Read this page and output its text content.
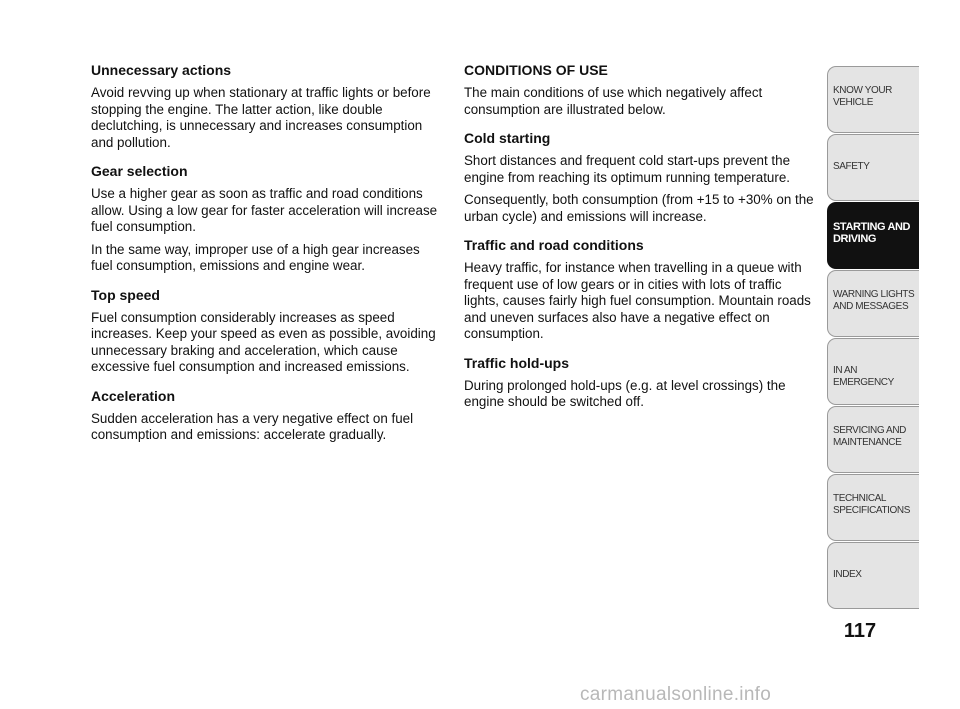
Unnecessary actions

Avoid revving up when stationary at traffic lights or before stopping the engine. The latter action, like double declutching, is unnecessary and increases consumption and pollution.

Gear selection

Use a higher gear as soon as traffic and road conditions allow. Using a low gear for faster acceleration will increase fuel consumption.

In the same way, improper use of a high gear increases fuel consumption, emissions and engine wear.

Top speed

Fuel consumption considerably increases as speed increases. Keep your speed as even as possible, avoiding unnecessary braking and acceleration, which cause excessive fuel consumption and increased emissions.

Acceleration

Sudden acceleration has a very negative effect on fuel consumption and emissions: accelerate gradually.

CONDITIONS OF USE

The main conditions of use which negatively affect consumption are illustrated below.

Cold starting

Short distances and frequent cold start-ups prevent the engine from reaching its optimum running temperature.

Consequently, both consumption (from +15 to +30% on the urban cycle) and emissions will increase.

Traffic and road conditions

Heavy traffic, for instance when travelling in a queue with frequent use of low gears or in cities with lots of traffic lights, causes fairly high fuel consumption. Mountain roads and uneven surfaces also have a negative effect on consumption.

Traffic hold-ups

During prolonged hold-ups (e.g. at level crossings) the engine should be switched off.

KNOW YOUR
VEHICLE
SAFETY
STARTING AND
DRIVING
WARNING LIGHTS
AND MESSAGES
IN AN EMERGENCY
SERVICING AND
MAINTENANCE
TECHNICAL
SPECIFICATIONS
INDEX
117
carmanualsonline.info
